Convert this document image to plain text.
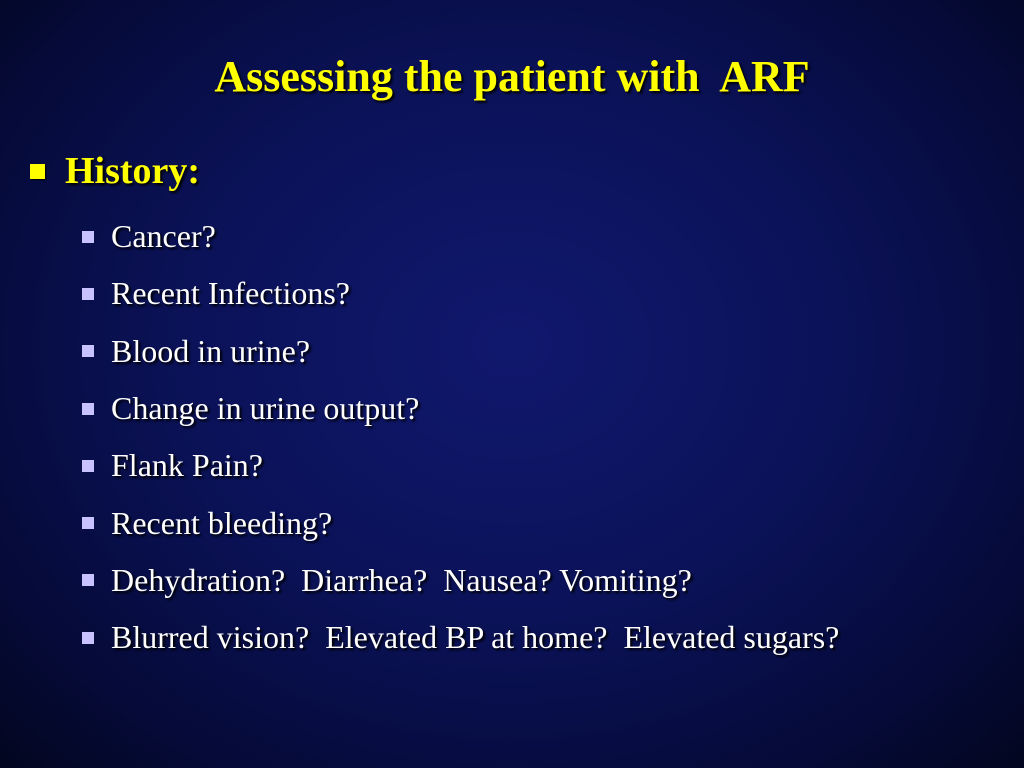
Assessing the patient with  ARF
History:
Cancer?
Recent Infections?
Blood in urine?
Change in urine output?
Flank Pain?
Recent bleeding?
Dehydration?  Diarrhea?  Nausea? Vomiting?
Blurred vision?  Elevated BP at home?  Elevated sugars?
